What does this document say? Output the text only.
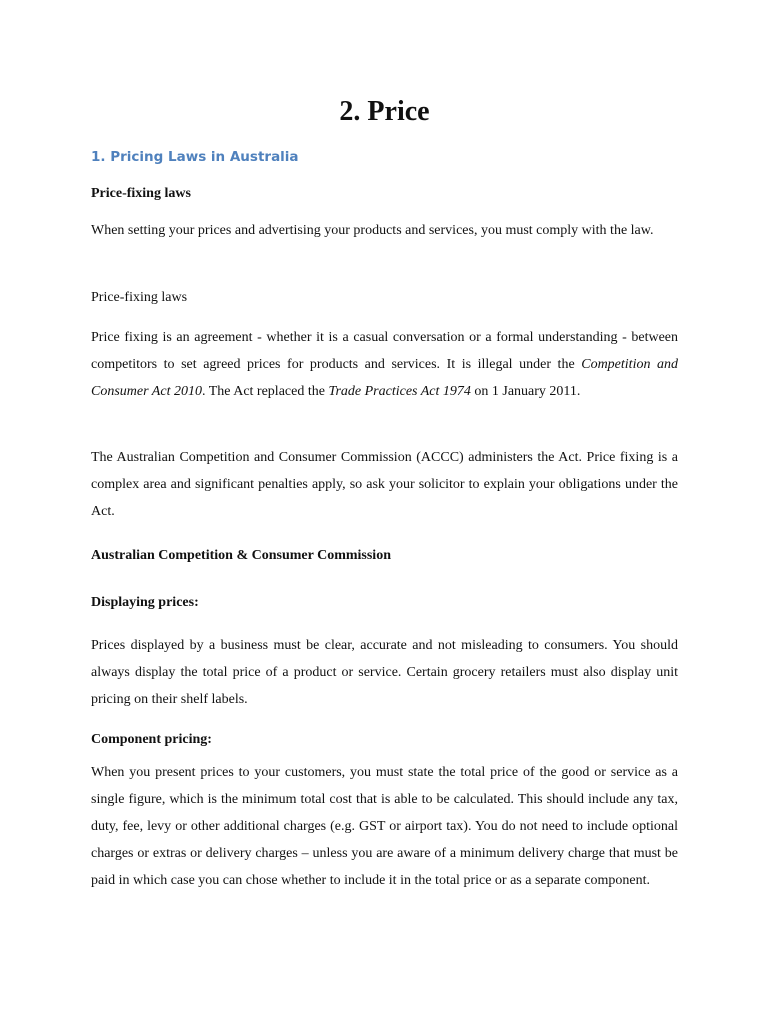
2. Price
1. Pricing Laws in Australia

Price-fixing laws

When setting your prices and advertising your products and services, you must comply with the law.

Price-fixing laws

Price fixing is an agreement - whether it is a casual conversation or a formal understanding - between competitors to set agreed prices for products and services. It is illegal under the Competition and Consumer Act 2010. The Act replaced the Trade Practices Act 1974 on 1 January 2011.

The Australian Competition and Consumer Commission (ACCC) administers the Act. Price fixing is a complex area and significant penalties apply, so ask your solicitor to explain your obligations under the Act.

Australian Competition & Consumer Commission

Displaying prices:

Prices displayed by a business must be clear, accurate and not misleading to consumers. You should always display the total price of a product or service. Certain grocery retailers must also display unit pricing on their shelf labels.

Component pricing:

When you present prices to your customers, you must state the total price of the good or service as a single figure, which is the minimum total cost that is able to be calculated. This should include any tax, duty, fee, levy or other additional charges (e.g. GST or airport tax). You do not need to include optional charges or extras or delivery charges – unless you are aware of a minimum delivery charge that must be paid in which case you can chose whether to include it in the total price or as a separate component.
